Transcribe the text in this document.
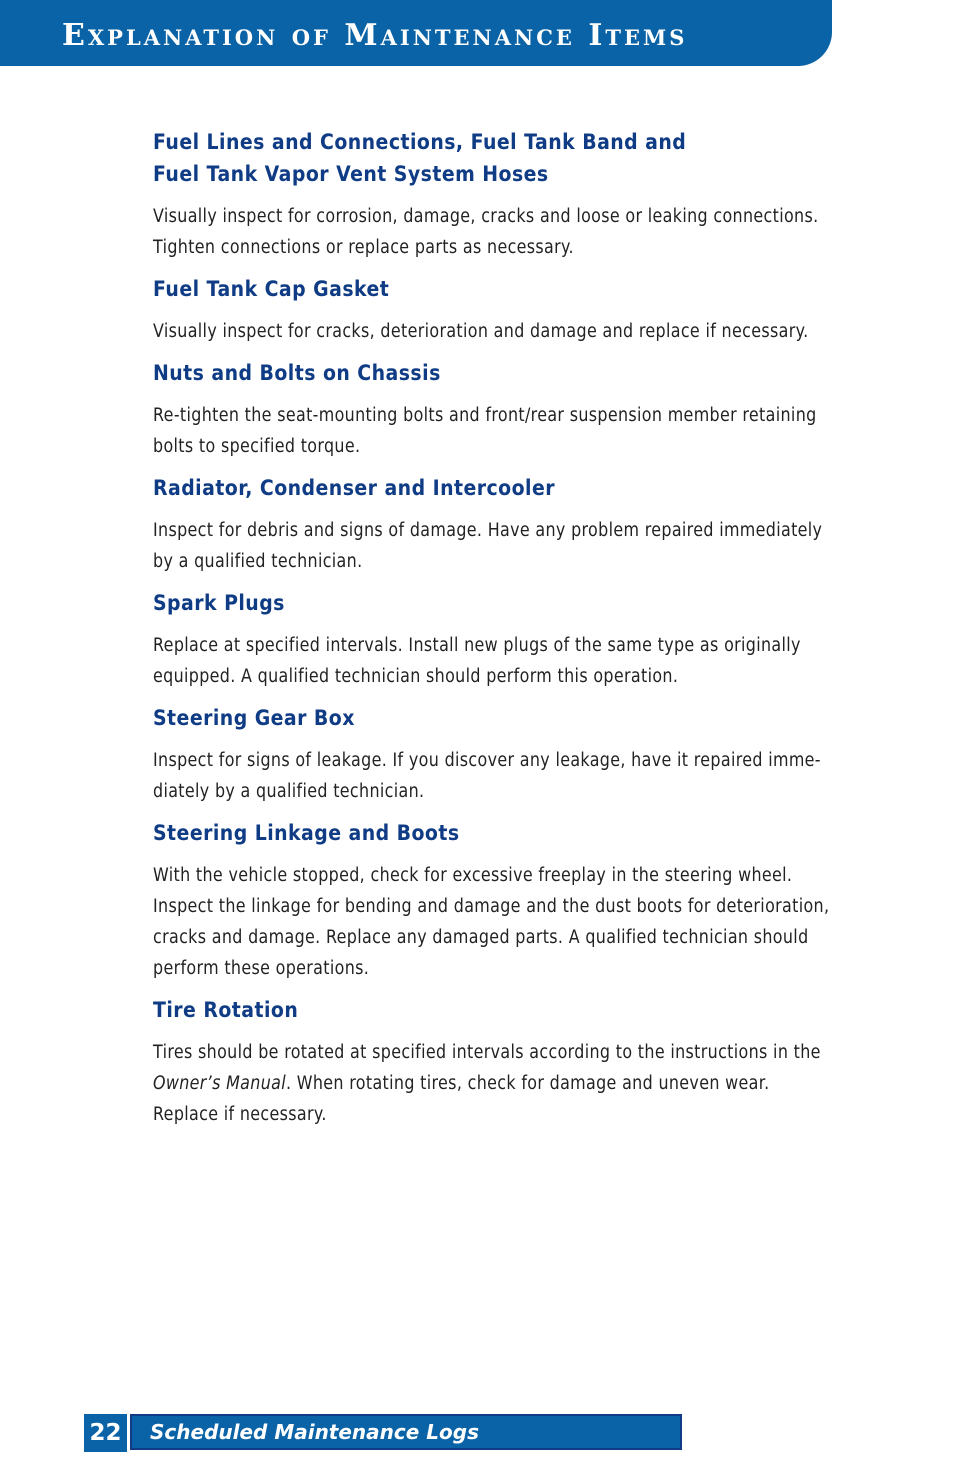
Explanation of Maintenance Items
Fuel Lines and Connections, Fuel Tank Band and
Fuel Tank Vapor Vent System Hoses

Visually inspect for corrosion, damage, cracks and loose or leaking connections.
Tighten connections or replace parts as necessary.

Fuel Tank Cap Gasket

Visually inspect for cracks, deterioration and damage and replace if necessary.

Nuts and Bolts on Chassis

Re-tighten the seat-mounting bolts and front/rear suspension member retaining
bolts to specified torque.

Radiator, Condenser and Intercooler

Inspect for debris and signs of damage. Have any problem repaired immediately
by a qualified technician.

Spark Plugs

Replace at specified intervals. Install new plugs of the same type as originally
equipped. A qualified technician should perform this operation.

Steering Gear Box

Inspect for signs of leakage. If you discover any leakage, have it repaired imme-
diately by a qualified technician.

Steering Linkage and Boots

With the vehicle stopped, check for excessive freeplay in the steering wheel.
Inspect the linkage for bending and damage and the dust boots for deterioration,
cracks and damage. Replace any damaged parts. A qualified technician should
perform these operations.

Tire Rotation

Tires should be rotated at specified intervals according to the instructions in the
Owner’s Manual. When rotating tires, check for damage and uneven wear.
Replace if necessary.

22 Scheduled Maintenance Logs
